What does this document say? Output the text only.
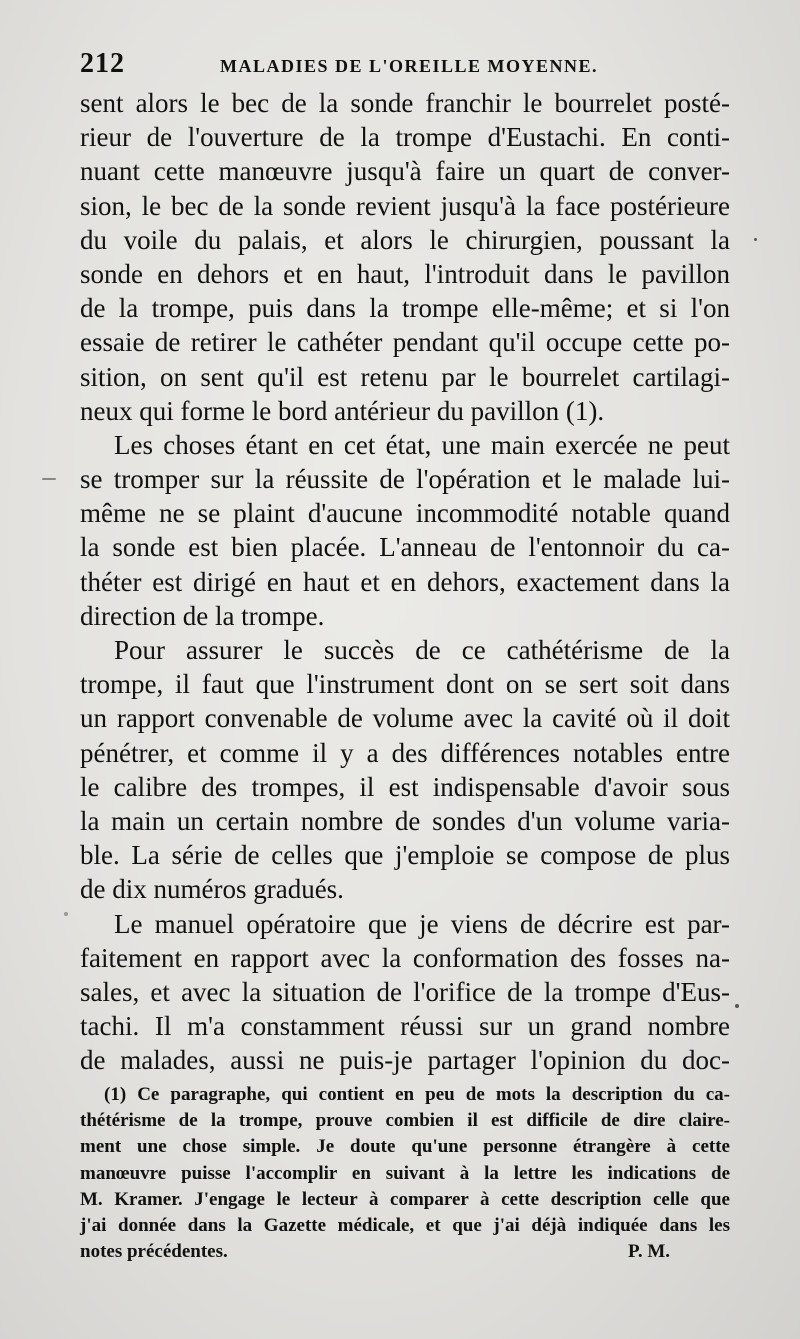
212	MALADIES DE L'OREILLE MOYENNE.
sent alors le bec de la sonde franchir le bourrelet posté-
rieur de l'ouverture de la trompe d'Eustachi. En conti-
nuant cette manœuvre jusqu'à faire un quart de conver-
sion, le bec de la sonde revient jusqu'à la face postérieure
du voile du palais, et alors le chirurgien, poussant la
sonde en dehors et en haut, l'introduit dans le pavillon
de la trompe, puis dans la trompe elle-même; et si l'on
essaie de retirer le cathéter pendant qu'il occupe cette po-
sition, on sent qu'il est retenu par le bourrelet cartilagi-
neux qui forme le bord antérieur du pavillon (1).
Les choses étant en cet état, une main exercée ne peut
se tromper sur la réussite de l'opération et le malade lui-
même ne se plaint d'aucune incommodité notable quand
la sonde est bien placée. L'anneau de l'entonnoir du ca-
théter est dirigé en haut et en dehors, exactement dans la
direction de la trompe.
Pour assurer le succès de ce cathétérisme de la
trompe, il faut que l'instrument dont on se sert soit dans
un rapport convenable de volume avec la cavité où il doit
pénétrer, et comme il y a des différences notables entre
le calibre des trompes, il est indispensable d'avoir sous
la main un certain nombre de sondes d'un volume varia-
ble. La série de celles que j'emploie se compose de plus
de dix numéros gradués.
Le manuel opératoire que je viens de décrire est par-
faitement en rapport avec la conformation des fosses na-
sales, et avec la situation de l'orifice de la trompe d'Eus-
tachi. Il m'a constamment réussi sur un grand nombre
de malades, aussi ne puis-je partager l'opinion du doc-
(1) Ce paragraphe, qui contient en peu de mots la description du ca-
thétérisme de la trompe, prouve combien il est difficile de dire claire-
ment une chose simple. Je doute qu'une personne étrangère à cette
manœuvre puisse l'accomplir en suivant à la lettre les indications de
M. Kramer. J'engage le lecteur à comparer à cette description celle que
j'ai donnée dans la Gazette médicale, et que j'ai déjà indiquée dans les
notes précédentes.	P. M.
